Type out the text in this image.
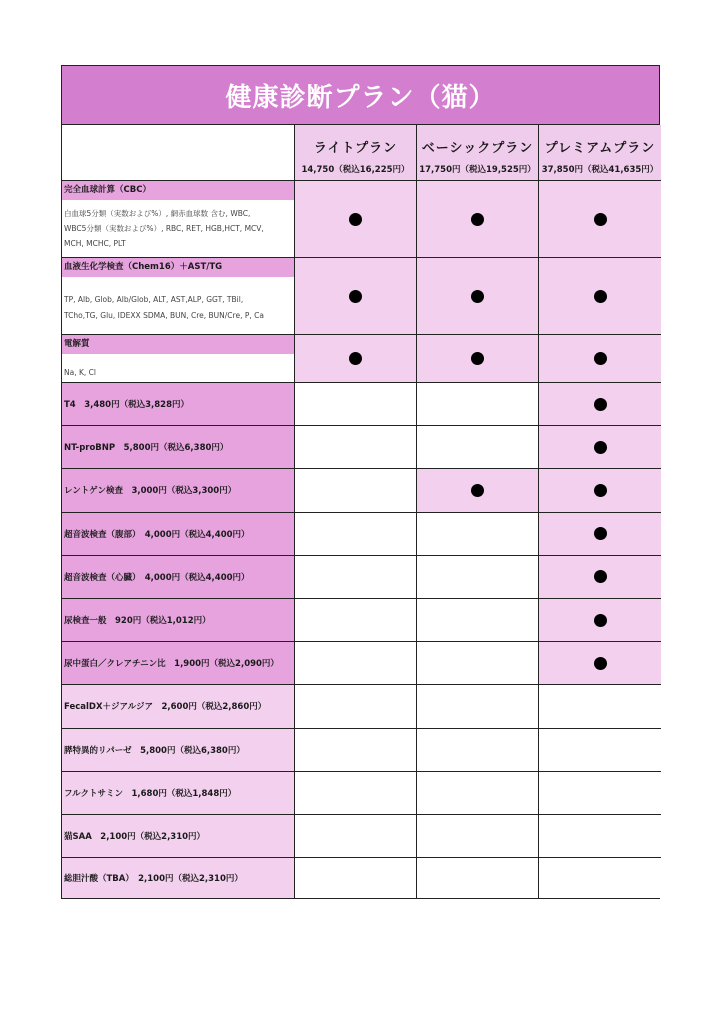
健康診断プラン（猫）
ライトプラン
14,750（税込16,225円）
ベーシックプラン
17,750円（税込19,525円）
プレミアムプラン
37,850円（税込41,635円）
完全血球計算（CBC）
白血球5分類（実数および%）, 網赤血球数 含む, WBC,
WBC5分類（実数および%）, RBC, RET, HGB,HCT, MCV,
MCH, MCHC, PLT
血液生化学検査（Chem16）＋AST/TG
TP, Alb, Glob, Alb/Glob, ALT, AST,ALP, GGT, TBil,
TCho,TG, Glu, IDEXX SDMA, BUN, Cre, BUN/Cre, P, Ca
電解質
Na, K, Cl
T4　3,480円（税込3,828円）
NT-proBNP　5,800円（税込6,380円）
レントゲン検査　3,000円（税込3,300円）
超音波検査（腹部）　4,000円（税込4,400円）
超音波検査（心臓）　4,000円（税込4,400円）
尿検査一般　920円（税込1,012円）
尿中蛋白／クレアチニン比　1,900円（税込2,090円）
FecalDX＋ジアルジア　2,600円（税込2,860円）
膵特異的リパーゼ　5,800円（税込6,380円）
フルクトサミン　1,680円（税込1,848円）
猫SAA　2,100円（税込2,310円）
総胆汁酸（TBA）　2,100円（税込2,310円）
